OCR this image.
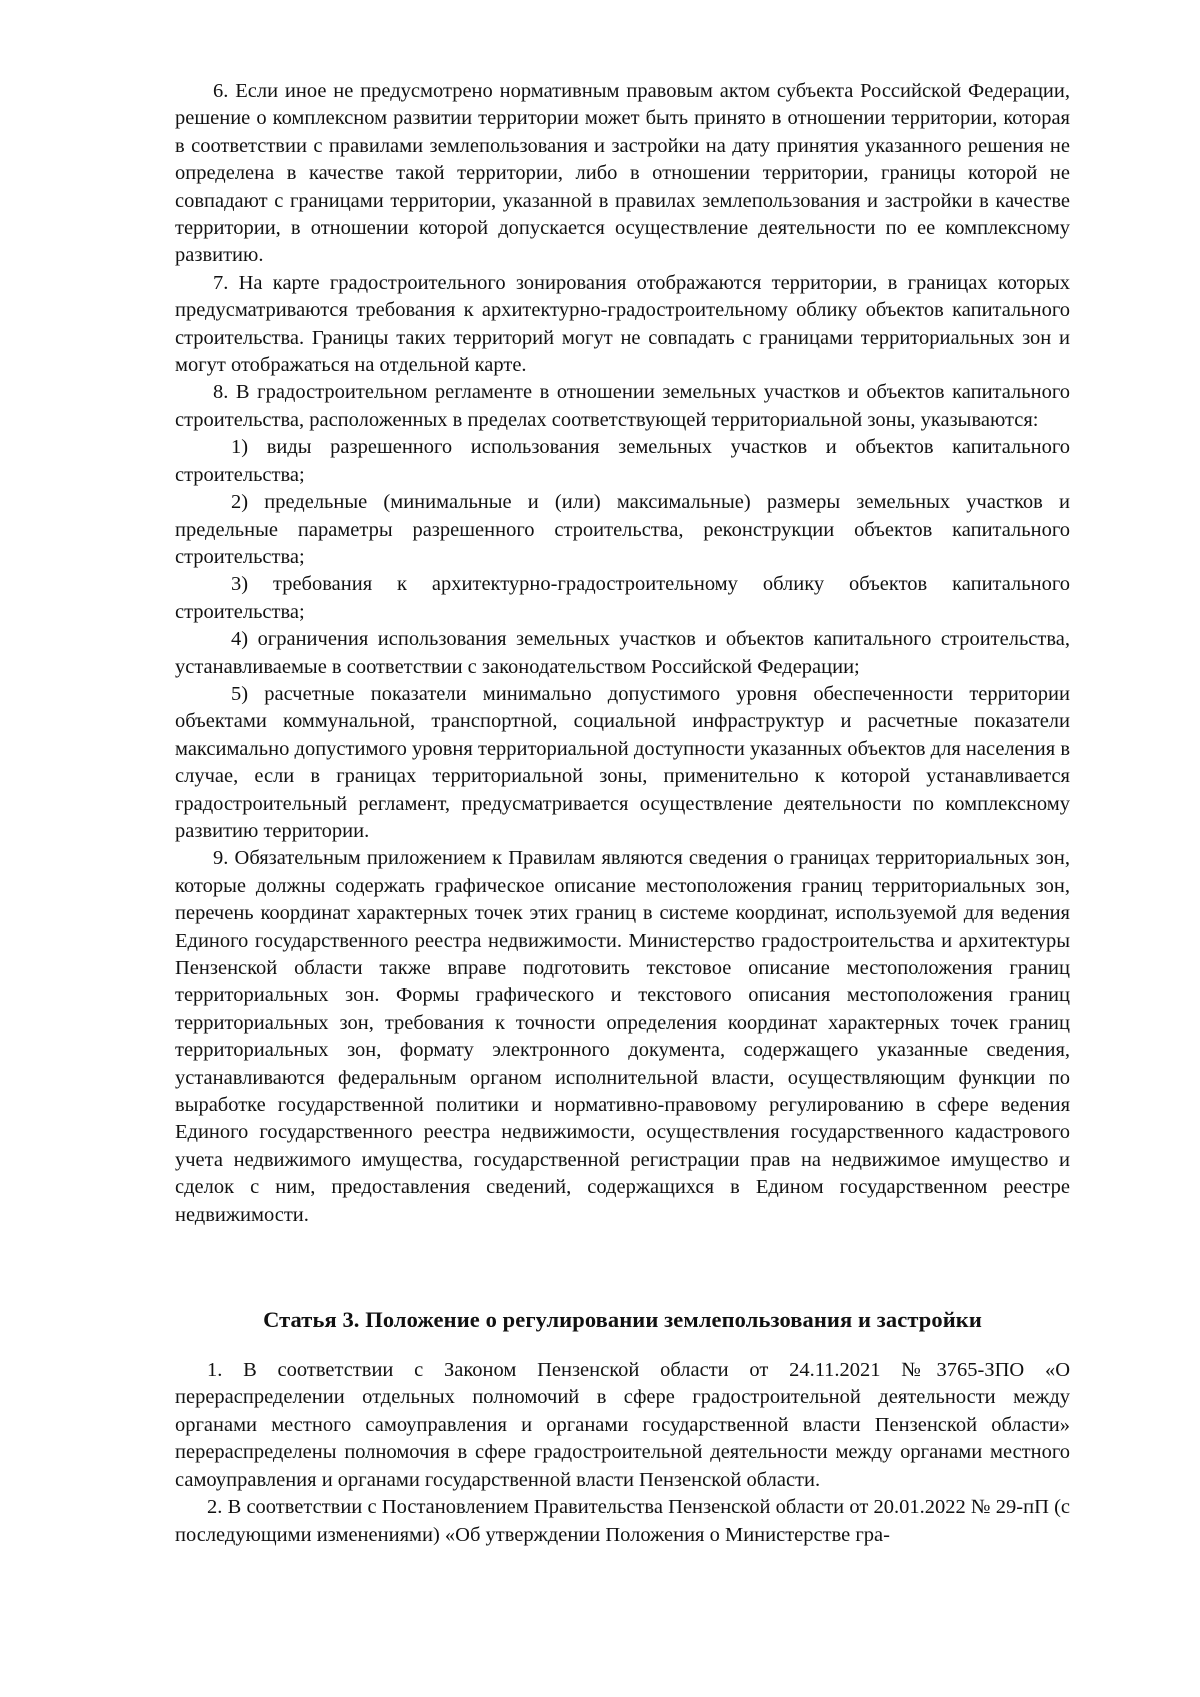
6. Если иное не предусмотрено нормативным правовым актом субъекта Российской Федерации, решение о комплексном развитии территории может быть принято в отношении территории, которая в соответствии с правилами землепользования и застройки на дату принятия указанного решения не определена в качестве такой территории, либо в отношении территории, границы которой не совпадают с границами территории, указанной в правилах землепользования и застройки в качестве территории, в отношении которой допускается осуществление деятельности по ее комплексному развитию.

7. На карте градостроительного зонирования отображаются территории, в границах которых предусматриваются требования к архитектурно-градостроительному облику объектов капитального строительства. Границы таких территорий могут не совпадать с границами территориальных зон и могут отображаться на отдельной карте.

8. В градостроительном регламенте в отношении земельных участков и объектов капитального строительства, расположенных в пределах соответствующей территориальной зоны, указываются:

1) виды разрешенного использования земельных участков и объектов капитального строительства;

2) предельные (минимальные и (или) максимальные) размеры земельных участков и предельные параметры разрешенного строительства, реконструкции объектов капитального строительства;

3) требования к архитектурно-градостроительному облику объектов капитального строительства;

4) ограничения использования земельных участков и объектов капитального строительства, устанавливаемые в соответствии с законодательством Российской Федерации;

5) расчетные показатели минимально допустимого уровня обеспеченности территории объектами коммунальной, транспортной, социальной инфраструктур и расчетные показатели максимально допустимого уровня территориальной доступности указанных объектов для населения в случае, если в границах территориальной зоны, применительно к которой устанавливается градостроительный регламент, предусматривается осуществление деятельности по комплексному развитию территории.

9. Обязательным приложением к Правилам являются сведения о границах территориальных зон, которые должны содержать графическое описание местоположения границ территориальных зон, перечень координат характерных точек этих границ в системе координат, используемой для ведения Единого государственного реестра недвижимости. Министерство градостроительства и архитектуры Пензенской области также вправе подготовить текстовое описание местоположения границ территориальных зон. Формы графического и текстового описания местоположения границ территориальных зон, требования к точности определения координат характерных точек границ территориальных зон, формату электронного документа, содержащего указанные сведения, устанавливаются федеральным органом исполнительной власти, осуществляющим функции по выработке государственной политики и нормативно-правовому регулированию в сфере ведения Единого государственного реестра недвижимости, осуществления государственного кадастрового учета недвижимого имущества, государственной регистрации прав на недвижимое имущество и сделок с ним, предоставления сведений, содержащихся в Едином государственном реестре недвижимости.

Статья 3. Положение о регулировании землепользования и застройки

1. В соответствии с Законом Пензенской области от 24.11.2021 №3765-ЗПО «О перераспределении отдельных полномочий в сфере градостроительной деятельности между органами местного самоуправления и органами государственной власти Пензенской области» перераспределены полномочия в сфере градостроительной деятельности между органами местного самоуправления и органами государственной власти Пензенской области.

2. В соответствии с Постановлением Правительства Пензенской области от 20.01.2022 № 29-пП (с последующими изменениями) «Об утверждении Положения о Министерстве гра-
